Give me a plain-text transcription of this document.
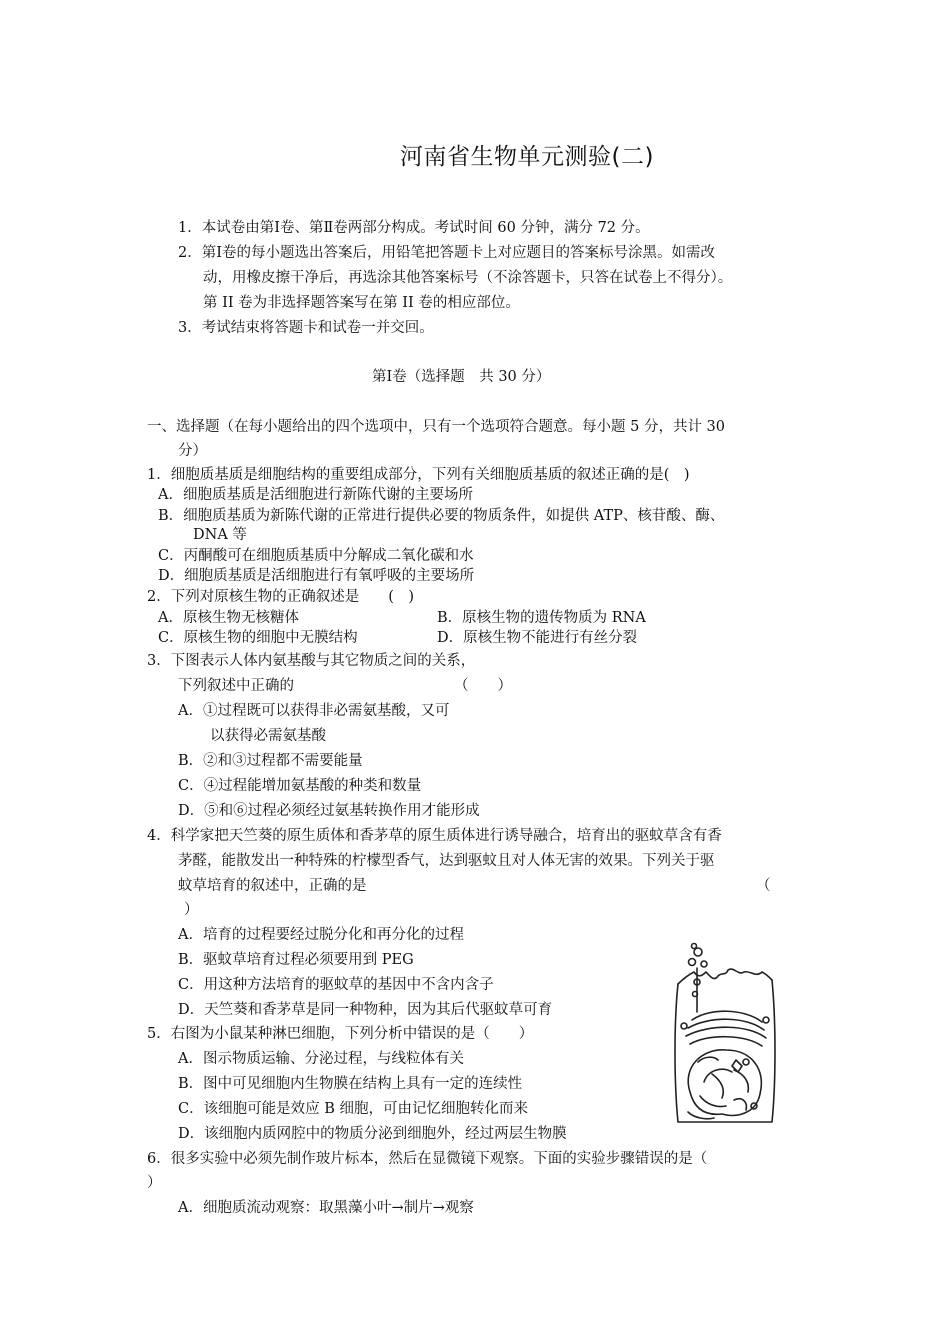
河南省生物单元测验(二)
1．本试卷由第Ⅰ卷、第Ⅱ卷两部分构成。考试时间 60 分钟，满分 72 分。
2．第Ⅰ卷的每小题选出答案后，用铅笔把答题卡上对应题目的答案标号涂黑。如需改
动，用橡皮擦干净后，再选涂其他答案标号（不涂答题卡，只答在试卷上不得分）。
第 II 卷为非选择题答案写在第 II 卷的相应部位。
3．考试结束将答题卡和试卷一并交回。
第Ⅰ卷（选择题　共 30 分）
一、选择题（在每小题给出的四个选项中，只有一个选项符合题意。每小题 5 分，共计 30
分）
1．细胞质基质是细胞结构的重要组成部分，下列有关细胞质基质的叙述正确的是(　)
A．细胞质基质是活细胞进行新陈代谢的主要场所
B．细胞质基质为新陈代谢的正常进行提供必要的物质条件，如提供 ATP、核苷酸、酶、
DNA 等
C．丙酮酸可在细胞质基质中分解成二氧化碳和水
D．细胞质基质是活细胞进行有氧呼吸的主要场所
2．下列对原核生物的正确叙述是　　(　)
A．原核生物无核糖体	B．原核生物的遗传物质为 RNA
C．原核生物的细胞中无膜结构	D．原核生物不能进行有丝分裂
3．下图表示人体内氨基酸与其它物质之间的关系，
下列叙述中正确的	（　　）
A．①过程既可以获得非必需氨基酸，又可
以获得必需氨基酸
B．②和③过程都不需要能量
C．④过程能增加氨基酸的种类和数量
D．⑤和⑥过程必须经过氨基转换作用才能形成
4．科学家把天竺葵的原生质体和香茅草的原生质体进行诱导融合，培育出的驱蚊草含有香
茅醛，能散发出一种特殊的柠檬型香气，达到驱蚊且对人体无害的效果。下列关于驱
蚊草培育的叙述中，正确的是	（
）
A．培育的过程要经过脱分化和再分化的过程
B．驱蚊草培育过程必须要用到 PEG
C．用这种方法培育的驱蚊草的基因中不含内含子
D．天竺葵和香茅草是同一种物种，因为其后代驱蚊草可育
5．右图为小鼠某种淋巴细胞，下列分析中错误的是（　　）
A．图示物质运输、分泌过程，与线粒体有关
B．图中可见细胞内生物膜在结构上具有一定的连续性
C．该细胞可能是效应 B 细胞，可由记忆细胞转化而来
D．该细胞内质网腔中的物质分泌到细胞外，经过两层生物膜
6．很多实验中必须先制作玻片标本，然后在显微镜下观察。下面的实验步骤错误的是（
）
A．细胞质流动观察：取黑藻小叶→制片→观察
